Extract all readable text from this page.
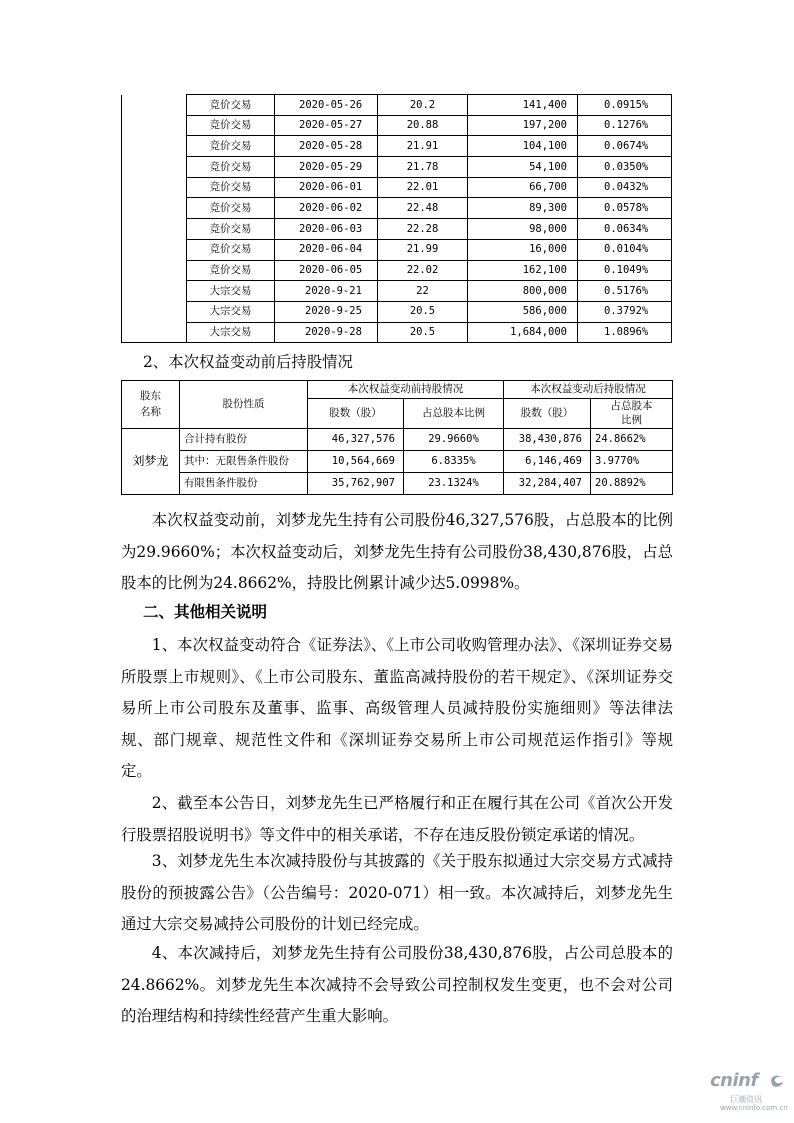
	竞价交易	2020-05-26	20.2	141,400	0.0915%
	竞价交易	2020-05-27	20.88	197,200	0.1276%
	竞价交易	2020-05-28	21.91	104,100	0.0674%
	竞价交易	2020-05-29	21.78	54,100	0.0350%
	竞价交易	2020-06-01	22.01	66,700	0.0432%
	竞价交易	2020-06-02	22.48	89,300	0.0578%
	竞价交易	2020-06-03	22.28	98,000	0.0634%
	竞价交易	2020-06-04	21.99	16,000	0.0104%
	竞价交易	2020-06-05	22.02	162,100	0.1049%
	大宗交易	2020-9-21	22	800,000	0.5176%
	大宗交易	2020-9-25	20.5	586,000	0.3792%
	大宗交易	2020-9-28	20.5	1,684,000	1.0896%
2、本次权益变动前后持股情况
股东名称	股份性质	本次权益变动前持股情况		本次权益变动后持股情况	
		股数（股）	占总股本比例	股数（股）	占总股本比例
刘梦龙	合计持有股份	46,327,576	29.9660%	38,430,876	24.8662%
	其中：无限售条件股份	10,564,669	6.8335%	6,146,469	3.9770%
	有限售条件股份	35,762,907	23.1324%	32,284,407	20.8892%

本次权益变动前，刘梦龙先生持有公司股份46,327,576股，占总股本的比例为29.9660%；本次权益变动后，刘梦龙先生持有公司股份38,430,876股，占总股本的比例为24.8662%，持股比例累计减少达5.0998%。

二、其他相关说明

1、本次权益变动符合《证券法》、《上市公司收购管理办法》、《深圳证券交易所股票上市规则》、《上市公司股东、董监高减持股份的若干规定》、《深圳证券交易所上市公司股东及董事、监事、高级管理人员减持股份实施细则》等法律法规、部门规章、规范性文件和《深圳证券交易所上市公司规范运作指引》等规定。

2、截至本公告日，刘梦龙先生已严格履行和正在履行其在公司《首次公开发行股票招股说明书》等文件中的相关承诺，不存在违反股份锁定承诺的情况。

3、刘梦龙先生本次减持股份与其披露的《关于股东拟通过大宗交易方式减持股份的预披露公告》（公告编号：2020-071）相一致。本次减持后，刘梦龙先生通过大宗交易减持公司股份的计划已经完成。

4、本次减持后，刘梦龙先生持有公司股份38,430,876股，占公司总股本的24.8662%。刘梦龙先生本次减持不会导致公司控制权发生变更，也不会对公司的治理结构和持续性经营产生重大影响。

cninf
巨潮资讯
www.cninfo.com.cn
